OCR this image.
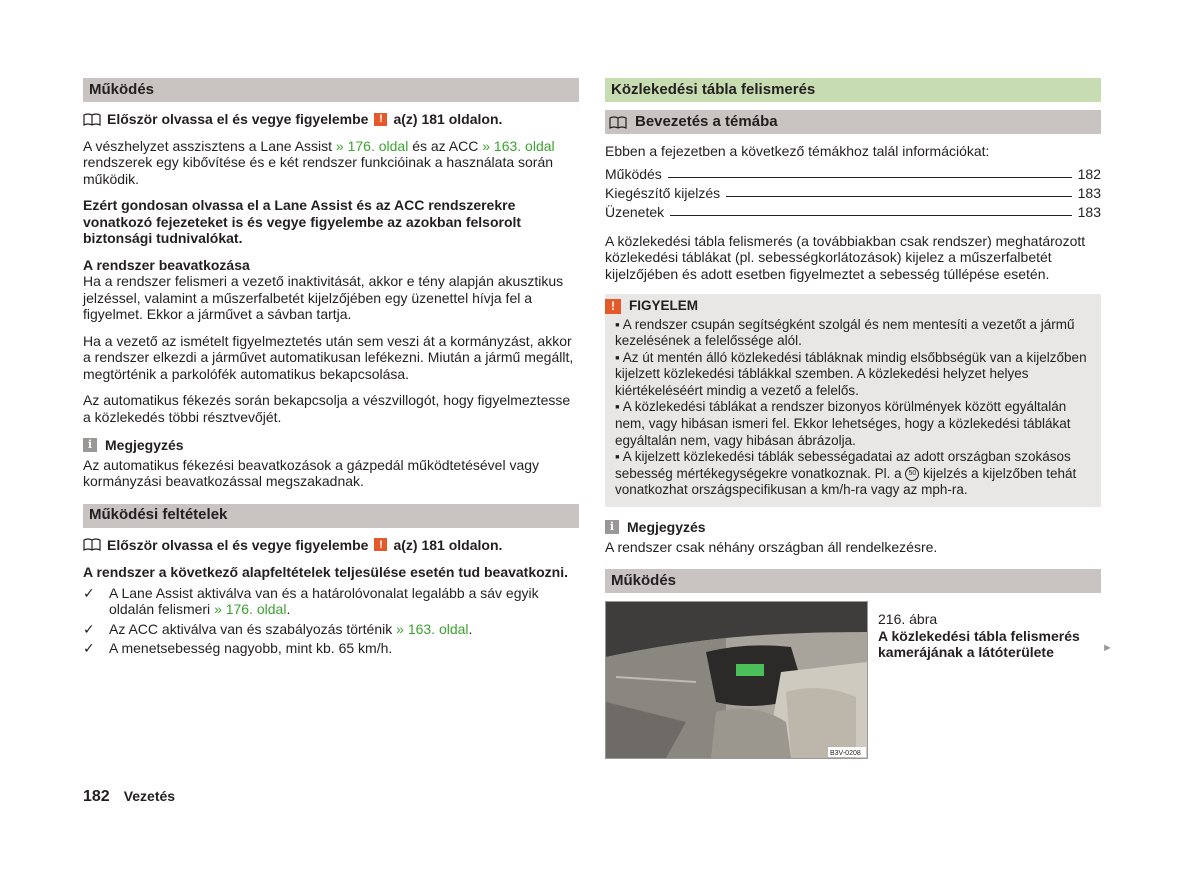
Működés
Először olvassa el és vegye figyelembe ! a(z) 181 oldalon.

A vészhelyzet asszisztens a Lane Assist » 176. oldal és az ACC » 163. oldal rendszerek egy kibővítése és e két rendszer funkcióinak a használata során működik.

Ezért gondosan olvassa el a Lane Assist és az ACC rendszerekre vonatkozó fejezeteket is és vegye figyelembe az azokban felsorolt biztonsági tudnivalókat.

A rendszer beavatkozása

Ha a rendszer felismeri a vezető inaktivitását, akkor e tény alapján akusztikus jelzéssel, valamint a műszerfalbetét kijelzőjében egy üzenettel hívja fel a figyelmet. Ekkor a járművet a sávban tartja.

Ha a vezető az ismételt figyelmeztetés után sem veszi át a kormányzást, akkor a rendszer elkezdi a járművet automatikusan lefékezni. Miután a jármű megállt, megtörténik a parkolófék automatikus bekapcsolása.

Az automatikus fékezés során bekapcsolja a vészvillogót, hogy figyelmeztesse a közlekedés többi résztvevőjét.

i Megjegyzés

Az automatikus fékezési beavatkozások a gázpedál működtetésével vagy kormányzási beavatkozással megszakadnak.

Működési feltételek
Először olvassa el és vegye figyelembe ! a(z) 181 oldalon.

A rendszer a következő alapfeltételek teljesülése esetén tud beavatkozni.

✓ A Lane Assist aktiválva van és a határolóvonalat legalább a sáv egyik oldalán felismeri » 176. oldal.
✓ Az ACC aktiválva van és szabályozás történik » 163. oldal.
✓ A menetsebesség nagyobb, mint kb. 65 km/h.
Közlekedési tábla felismerés
Bevezetés a témába

Ebben a fejezetben a következő témákhoz talál információkat:

Működés	182
Kiegészítő kijelzés	183
Üzenetek	183

A közlekedési tábla felismerés (a továbbiakban csak rendszer) meghatározott közlekedési táblákat (pl. sebességkorlátozások) kijelez a műszerfalbetét kijelzőjében és adott esetben figyelmeztet a sebesség túllépése esetén.

!	FIGYELEM

▪ A rendszer csupán segítségként szolgál és nem mentesíti a vezetőt a jármű kezelésének a felelőssége alól.

▪ Az út mentén álló közlekedési tábláknak mindig elsőbbségük van a kijelzőben kijelzett közlekedési táblákkal szemben. A közlekedési helyzet helyes kiértékeléséért mindig a vezető a felelős.

▪ A közlekedési táblákat a rendszer bizonyos körülmények között egyáltalán nem, vagy hibásan ismeri fel. Ekkor lehetséges, hogy a közlekedési táblákat egyáltalán nem, vagy hibásan ábrázolja.

▪ A kijelzett közlekedési táblák sebességadatai az adott országban szokásos sebesség mértékegységekre vonatkoznak. Pl. a 50 kijelzés a kijelzőben tehát vonatkozhat országspecifikusan a km/h-ra vagy az mph-ra.

i Megjegyzés

A rendszer csak néhány országban áll rendelkezésre.

Működés
B3V-0208

216. ábra

A közlekedési tábla felismerés kamerájának a látóterülete	►
182 Vezetés
